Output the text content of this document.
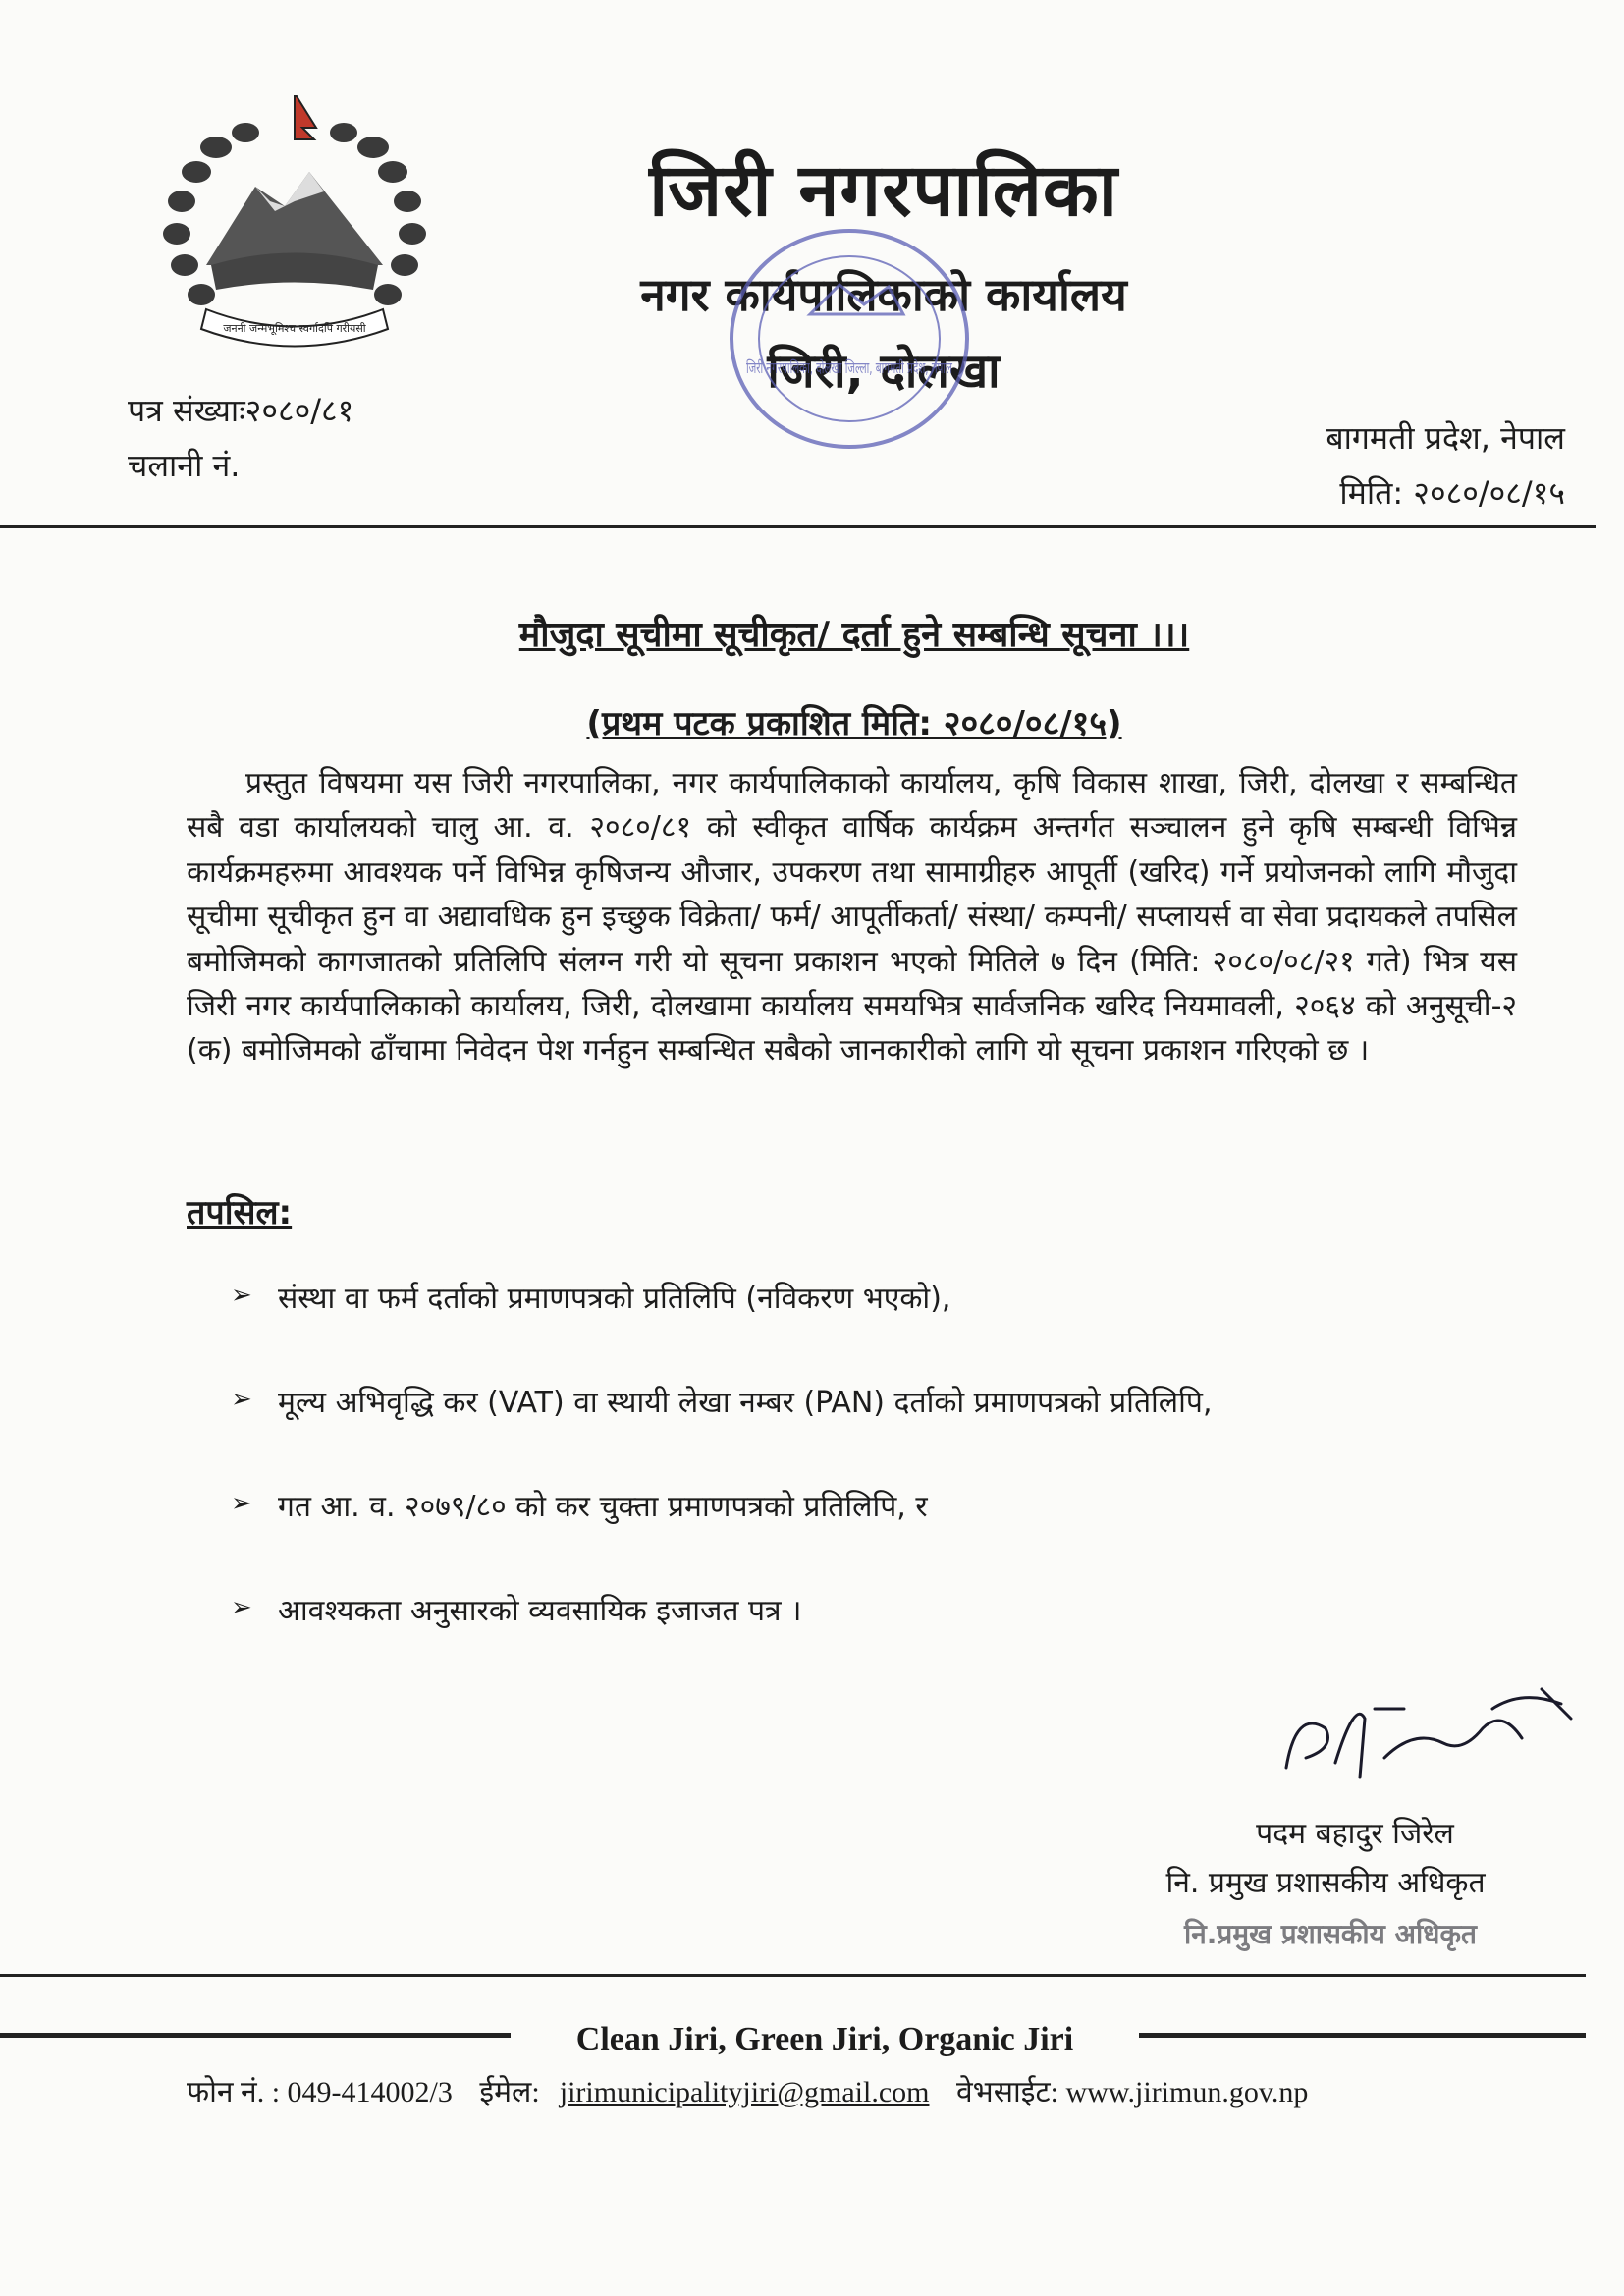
जननी जन्मभूमिश्च स्वर्गादपि गरीयसी
जिरी नगरपालिका
नगर कार्यपालिकाको कार्यालय
जिरी, दोलखा
जिरी नगरपालिका, दोलखा जिल्ला, बागमती प्रदेश, नेपाल
पत्र संख्याः२०८०/८१
चलानी नं.
बागमती प्रदेश, नेपाल
मिति: २०८०/०८/१५
मौजुदा सूचीमा सूचीकृत/ दर्ता हुने सम्बन्धि सूचना ।।।
(प्रथम पटक प्रकाशित मिति: २०८०/०८/१५)

प्रस्तुत विषयमा यस जिरी नगरपालिका, नगर कार्यपालिकाको कार्यालय, कृषि विकास शाखा, जिरी, दोलखा र सम्बन्धित सबै वडा कार्यालयको चालु आ. व. २०८०/८१ को स्वीकृत वार्षिक कार्यक्रम अन्तर्गत सञ्चालन हुने कृषि सम्बन्धी विभिन्न कार्यक्रमहरुमा आवश्यक पर्ने विभिन्न कृषिजन्य औजार, उपकरण तथा सामाग्रीहरु आपूर्ती (खरिद) गर्ने प्रयोजनको लागि मौजुदा सूचीमा सूचीकृत हुन वा अद्यावधिक हुन इच्छुक विक्रेता/ फर्म/ आपूर्तीकर्ता/ संस्था/ कम्पनी/ सप्लायर्स वा सेवा प्रदायकले तपसिल बमोजिमको कागजातको प्रतिलिपि संलग्न गरी यो सूचना प्रकाशन भएको मितिले ७ दिन (मिति: २०८०/०८/२१ गते) भित्र यस जिरी नगर कार्यपालिकाको कार्यालय, जिरी, दोलखामा कार्यालय समयभित्र सार्वजनिक खरिद नियमावली, २०६४ को अनुसूची-२ (क) बमोजिमको ढाँचामा निवेदन पेश गर्नहुन सम्बन्धित सबैको जानकारीको लागि यो सूचना प्रकाशन गरिएको छ ।

तपसिल:
➢ संस्था वा फर्म दर्ताको प्रमाणपत्रको प्रतिलिपि (नविकरण भएको),
➢ मूल्य अभिवृद्धि कर (VAT) वा स्थायी लेखा नम्बर (PAN) दर्ताको प्रमाणपत्रको प्रतिलिपि,
➢ गत आ. व. २०७९/८० को कर चुक्ता प्रमाणपत्रको प्रतिलिपि, र
➢ आवश्यकता अनुसारको व्यवसायिक इजाजत पत्र ।
पदम बहादुर जिरेल
नि. प्रमुख प्रशासकीय अधिकृत
नि.प्रमुख प्रशासकीय अधिकृत
Clean Jiri, Green Jiri, Organic Jiri
फोन नं. : 049-414002/3 ईमेल: jirimunicipalityjiri@gmail.com वेभसाईट: www.jirimun.gov.np
